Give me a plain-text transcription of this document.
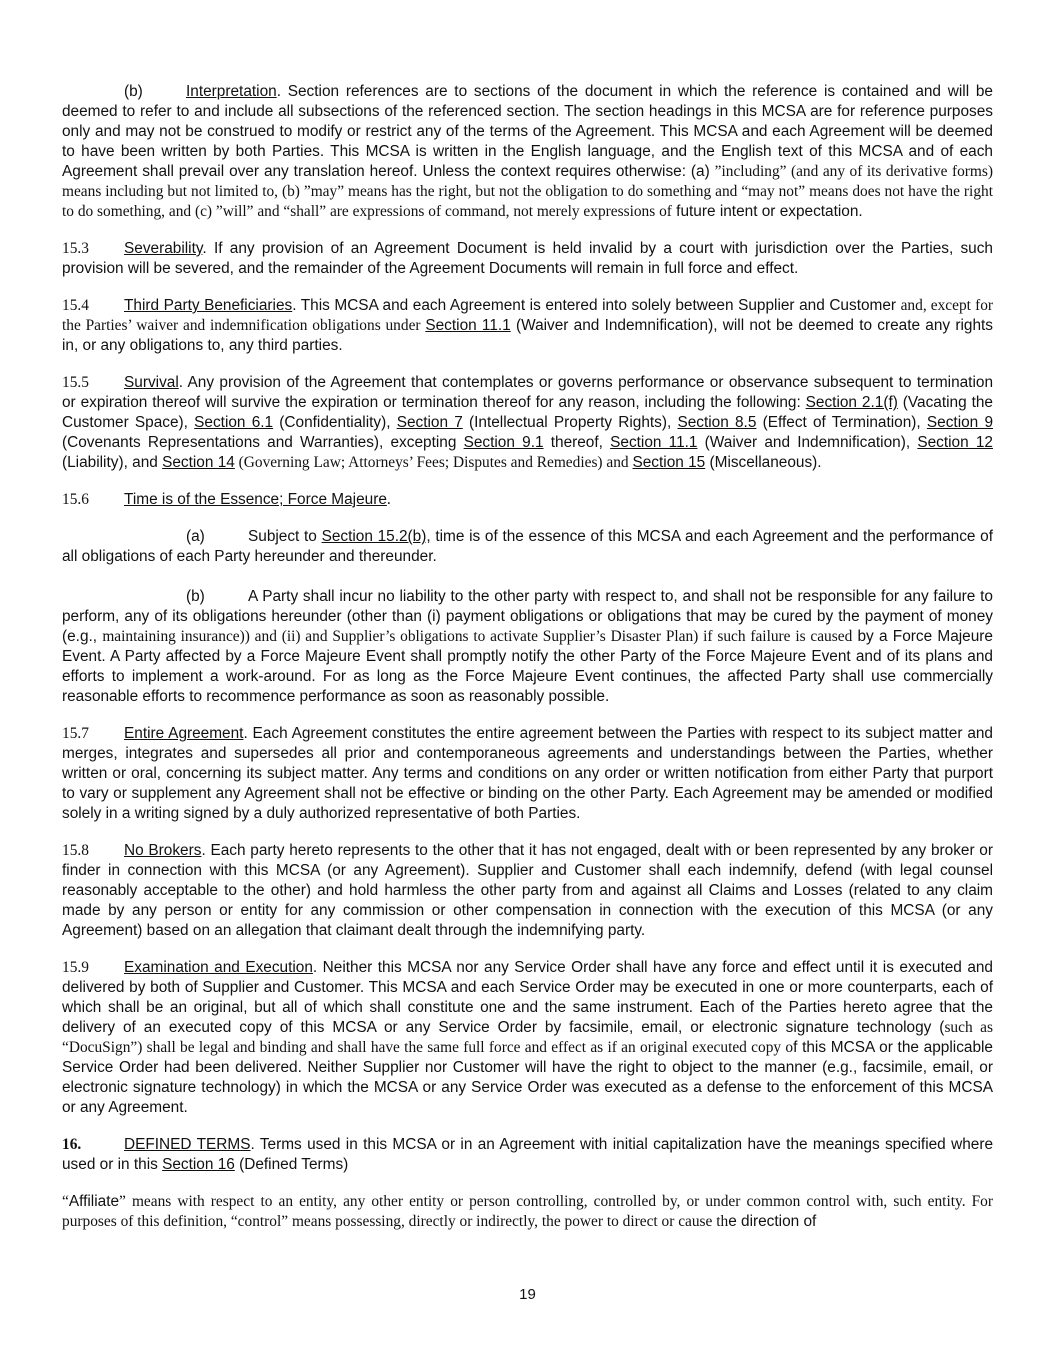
(b)	Interpretation. Section references are to sections of the document in which the reference is contained and will be deemed to refer to and include all subsections of the referenced section. The section headings in this MCSA are for reference purposes only and may not be construed to modify or restrict any of the terms of the Agreement. This MCSA and each Agreement will be deemed to have been written by both Parties. This MCSA is written in the English language, and the English text of this MCSA and of each Agreement shall prevail over any translation hereof. Unless the context requires otherwise: (a) ”including” (and any of its derivative forms) means including but not limited to, (b) ”may” means has the right, but not the obligation to do something and “may not” means does not have the right to do something, and (c) ”will” and “shall” are expressions of command, not merely expressions of future intent or expectation.

15.3 Severability. If any provision of an Agreement Document is held invalid by a court with jurisdiction over the Parties, such provision will be severed, and the remainder of the Agreement Documents will remain in full force and effect.

15.4 Third Party Beneficiaries. This MCSA and each Agreement is entered into solely between Supplier and Customer and, except for the Parties’ waiver and indemnification obligations under Section 11.1 (Waiver and Indemnification), will not be deemed to create any rights in, or any obligations to, any third parties.

15.5 Survival. Any provision of the Agreement that contemplates or governs performance or observance subsequent to termination or expiration thereof will survive the expiration or termination thereof for any reason, including the following: Section 2.1(f) (Vacating the Customer Space), Section 6.1 (Confidentiality), Section 7 (Intellectual Property Rights), Section 8.5 (Effect of Termination), Section 9 (Covenants Representations and Warranties), excepting Section 9.1 thereof, Section 11.1 (Waiver and Indemnification), Section 12 (Liability), and Section 14 (Governing Law; Attorneys’ Fees; Disputes and Remedies) and Section 15 (Miscellaneous).

15.6 Time is of the Essence; Force Majeure.

(a)	Subject to Section 15.2(b), time is of the essence of this MCSA and each Agreement and the performance of all obligations of each Party hereunder and thereunder.

(b)	A Party shall incur no liability to the other party with respect to, and shall not be responsible for any failure to perform, any of its obligations hereunder (other than (i) payment obligations or obligations that may be cured by the payment of money (e.g., maintaining insurance)) and (ii) and Supplier’s obligations to activate Supplier’s Disaster Plan) if such failure is caused by a Force Majeure Event. A Party affected by a Force Majeure Event shall promptly notify the other Party of the Force Majeure Event and of its plans and efforts to implement a work-around. For as long as the Force Majeure Event continues, the affected Party shall use commercially reasonable efforts to recommence performance as soon as reasonably possible.

15.7 Entire Agreement. Each Agreement constitutes the entire agreement between the Parties with respect to its subject matter and merges, integrates and supersedes all prior and contemporaneous agreements and understandings between the Parties, whether written or oral, concerning its subject matter. Any terms and conditions on any order or written notification from either Party that purport to vary or supplement any Agreement shall not be effective or binding on the other Party. Each Agreement may be amended or modified solely in a writing signed by a duly authorized representative of both Parties.

15.8 No Brokers. Each party hereto represents to the other that it has not engaged, dealt with or been represented by any broker or finder in connection with this MCSA (or any Agreement). Supplier and Customer shall each indemnify, defend (with legal counsel reasonably acceptable to the other) and hold harmless the other party from and against all Claims and Losses (related to any claim made by any person or entity for any commission or other compensation in connection with the execution of this MCSA (or any Agreement) based on an allegation that claimant dealt through the indemnifying party.

15.9 Examination and Execution. Neither this MCSA nor any Service Order shall have any force and effect until it is executed and delivered by both of Supplier and Customer. This MCSA and each Service Order may be executed in one or more counterparts, each of which shall be an original, but all of which shall constitute one and the same instrument. Each of the Parties hereto agree that the delivery of an executed copy of this MCSA or any Service Order by facsimile, email, or electronic signature technology (such as “DocuSign”) shall be legal and binding and shall have the same full force and effect as if an original executed copy of this MCSA or the applicable Service Order had been delivered. Neither Supplier nor Customer will have the right to object to the manner (e.g., facsimile, email, or electronic signature technology) in which the MCSA or any Service Order was executed as a defense to the enforcement of this MCSA or any Agreement.

16.	DEFINED TERMS. Terms used in this MCSA or in an Agreement with initial capitalization have the meanings specified where used or in this Section 16 (Defined Terms)

“Affiliate” means with respect to an entity, any other entity or person controlling, controlled by, or under common control with, such entity. For purposes of this definition, “control” means possessing, directly or indirectly, the power to direct or cause the direction of

19
